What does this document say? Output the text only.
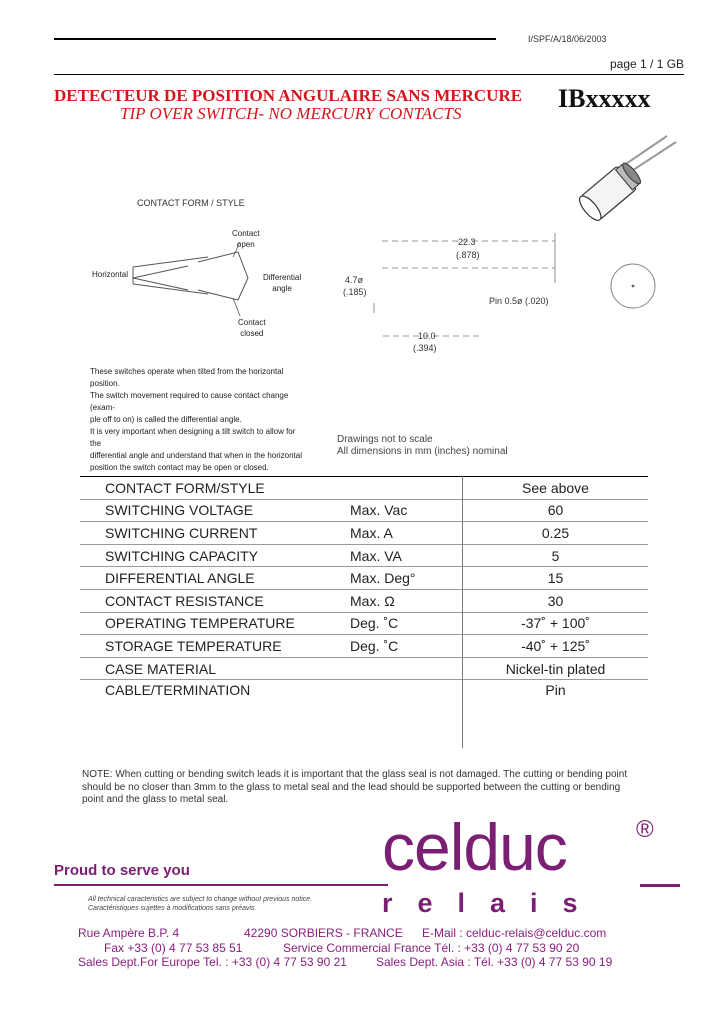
I/SPF/A/18/06/2003
page 1 / 1 GB
DETECTEUR DE POSITION ANGULAIRE SANS MERCURE
TIP OVER SWITCH- NO MERCURY CONTACTS
IBxxxxx
CONTACT FORM / STYLE
Contact
open
Horizontal	Differential
angle
Contact
closed
22.3
(.878)
4.7ø
(.185)
Pin 0.5ø (.020)
10.0
(.394)
These switches operate when tilted from the horizontal position.
The switch movement required to cause contact change (exam-
ple off to on) is called the differential angle.
It is very important when designing a tilt switch to allow for the
differential angle and understand that when in the horizontal
position the switch contact may be open or closed.
Drawings not to scale
All dimensions in mm (inches) nominal
CONTACT FORM/STYLE		See above
SWITCHING VOLTAGE	Max. Vac	60
SWITCHING CURRENT	Max. A	0.25
SWITCHING CAPACITY	Max. VA	5
DIFFERENTIAL ANGLE	Max. Deg°	15
CONTACT RESISTANCE	Max. Ω	30
OPERATING TEMPERATURE	Deg. ˚C	-37˚ + 100˚
STORAGE TEMPERATURE	Deg. ˚C	-40˚ + 125˚
CASE MATERIAL		Nickel-tin plated
CABLE/TERMINATION		Pin
NOTE: When cutting or bending switch leads it is important that the glass seal is not damaged. The cutting or bending point should be no closer than 3mm to the glass to metal seal and the lead should be supported between the cutting or bending point and the glass to metal seal.
Proud to serve you	celduc	®
relais
All technical caracteristics are subject to change without previous notice.
Caractéristiques sujettes à modifications sans préavis.
Rue Ampère B.P. 4	42290 SORBIERS - FRANCE E-Mail : celduc-relais@celduc.com
Fax +33 (0) 4 77 53 85 51	Service Commercial France Tél. : +33 (0) 4 77 53 90 20
Sales Dept.For Europe Tel. : +33 (0) 4 77 53 90 21 Sales Dept. Asia : Tél. +33 (0) 4 77 53 90 19
